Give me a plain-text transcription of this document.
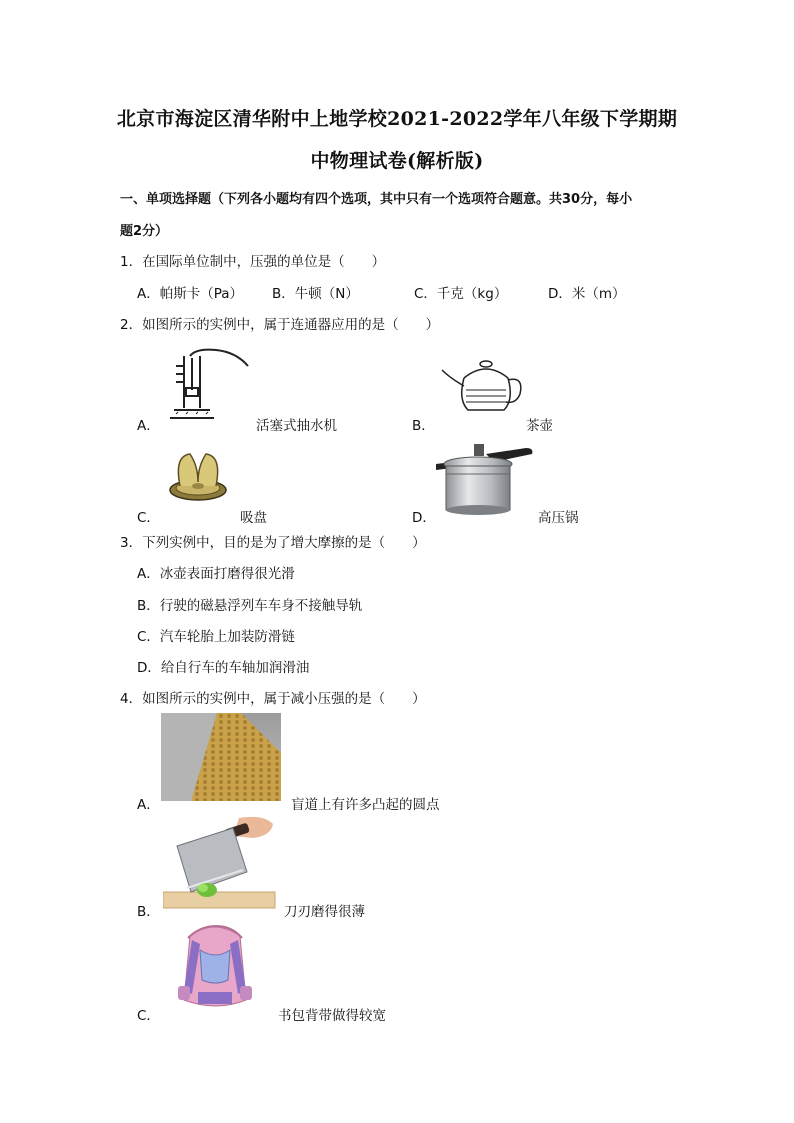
北京市海淀区清华附中上地学校2021-2022学年八年级下学期期
中物理试卷(解析版)
一、单项选择题（下列各小题均有四个选项，其中只有一个选项符合题意。共30分，每小
题2分）
1．在国际单位制中，压强的单位是（　　）
A．帕斯卡（Pa） B．牛顿（N）	C．千克（kg）	D．米（m）
2．如图所示的实例中，属于连通器应用的是（　　）
A．	活塞式抽水机	B．	茶壶
C．	吸盘	D．	高压锅
3．下列实例中，目的是为了增大摩擦的是（　　）
A．冰壶表面打磨得很光滑
B．行驶的磁悬浮列车车身不接触导轨
C．汽车轮胎上加装防滑链
D．给自行车的车轴加润滑油
4．如图所示的实例中，属于减小压强的是（　　）
A．	盲道上有许多凸起的圆点
B．	刀刃磨得很薄
C．	书包背带做得较宽
